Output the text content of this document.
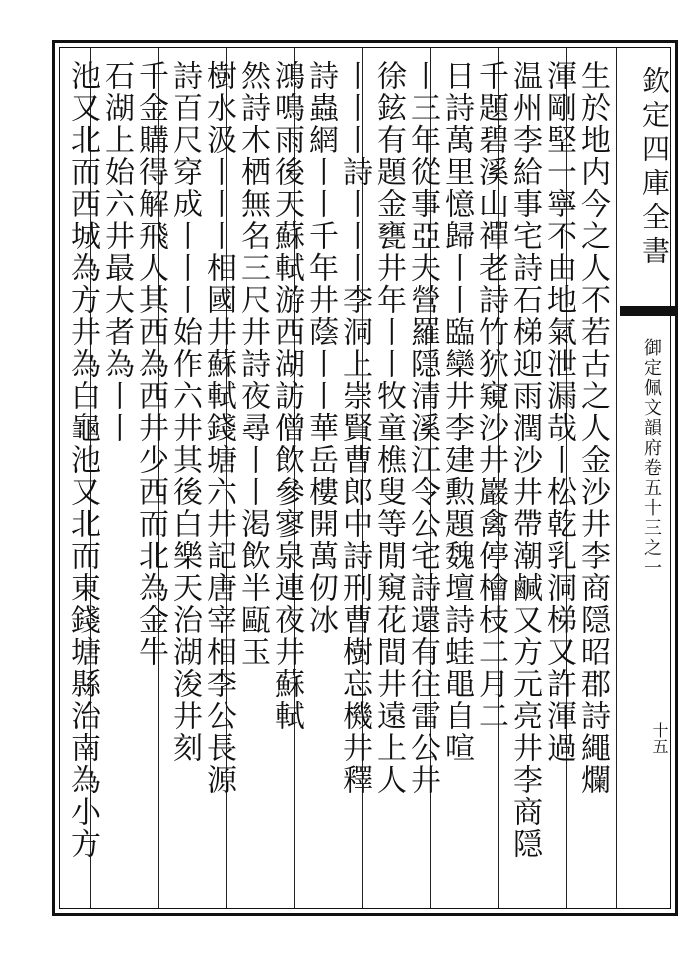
生於地内今之人不若古之人金沙井李商隠昭郡詩繩爛
渾剛堅一寧不由地氣泄漏哉丨松乾乳洞梯又許渾過
温州李給事宅詩石梯迎雨潤沙井帶潮鹹又方元亮井李商隠
千題碧溪山禪老詩竹狖窺沙井巖禽停檜枝二月二
日詩萬里憶歸丨丨臨欒井李建勲題魏壇詩蛙黽自喧
丨三年從事亞夫營羅隠清溪江令公宅詩還有往雷公井
徐鉉有題金甕井年丨丨牧童樵叟等閒窺花間井遠上人
丨丨丨詩丨丨丨李洞上崇賢曹郎中詩刑曹樹忘機井釋
詩蟲網丨丨千年井蔭丨丨華岳樓開萬仞冰
鴻鳴雨後天蘇軾游西湖訪僧飲參寥泉連夜井蘇軾
然詩木栖無名三尺井詩夜尋丨丨渇飲半甌玉
樹水汲丨丨丨相國井蘇軾錢塘六井記唐宰相李公長源
詩百尺穿成丨丨丨始作六井其後白樂天治湖浚井刻
千金購得解飛人其西為西井少西而北為金牛
石湖上始六井最大者為丨丨
池又北而西城為方井為白龜池又北而東錢塘縣治南為小方	欽定四庫全書
御定佩文韻府卷五十三之一
十五
